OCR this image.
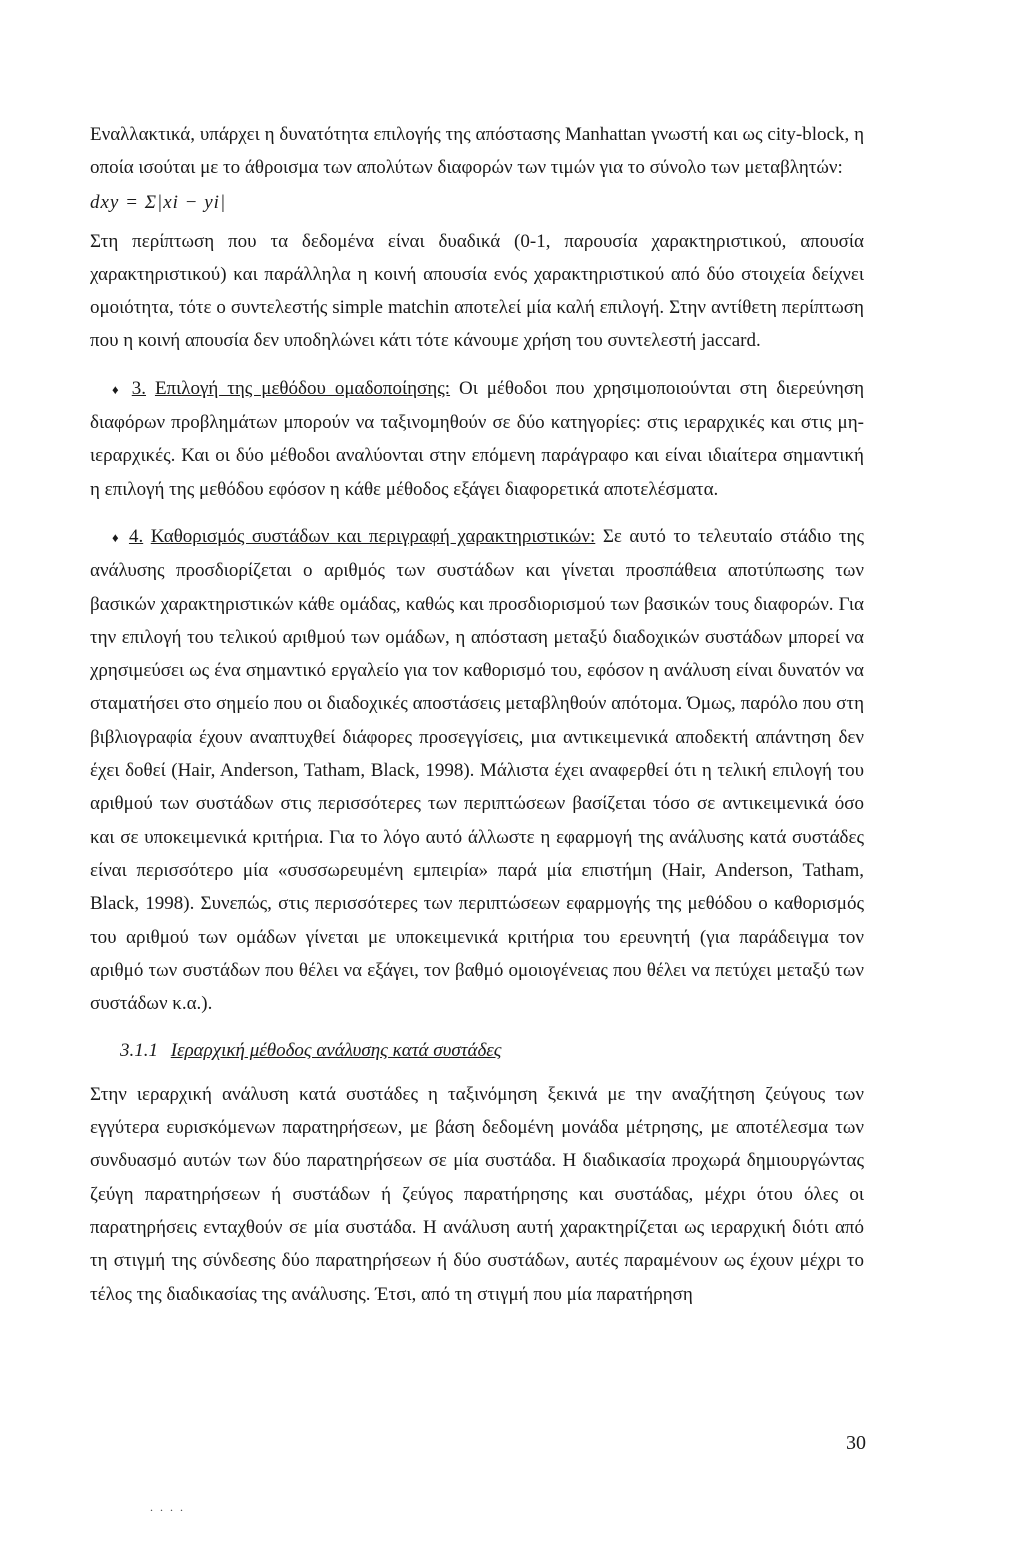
Εναλλακτικά, υπάρχει η δυνατότητα επιλογής της απόστασης Manhattan γνωστή και ως city-block, η οποία ισούται με το άθροισμα των απολύτων διαφορών των τιμών για το σύνολο των μεταβλητών:

dxy = Σ|xi − yi|

Στη περίπτωση που τα δεδομένα είναι δυαδικά (0-1, παρουσία χαρακτηριστικού, απουσία χαρακτηριστικού) και παράλληλα η κοινή απουσία ενός χαρακτηριστικού από δύο στοιχεία δείχνει ομοιότητα, τότε ο συντελεστής simple matchin αποτελεί μία καλή επιλογή. Στην αντίθετη περίπτωση που η κοινή απουσία δεν υποδηλώνει κάτι τότε κάνουμε χρήση του συντελεστή jaccard.

♦ 3. Επιλογή της μεθόδου ομαδοποίησης: Οι μέθοδοι που χρησιμοποιούνται στη διερεύνηση διαφόρων προβλημάτων μπορούν να ταξινομηθούν σε δύο κατηγορίες: στις ιεραρχικές και στις μη-ιεραρχικές. Και οι δύο μέθοδοι αναλύονται στην επόμενη παράγραφο και είναι ιδιαίτερα σημαντική η επιλογή της μεθόδου εφόσον η κάθε μέθοδος εξάγει διαφορετικά αποτελέσματα.

♦ 4. Καθορισμός συστάδων και περιγραφή χαρακτηριστικών: Σε αυτό το τελευταίο στάδιο της ανάλυσης προσδιορίζεται ο αριθμός των συστάδων και γίνεται προσπάθεια αποτύπωσης των βασικών χαρακτηριστικών κάθε ομάδας, καθώς και προσδιορισμού των βασικών τους διαφορών. Για την επιλογή του τελικού αριθμού των ομάδων, η απόσταση μεταξύ διαδοχικών συστάδων μπορεί να χρησιμεύσει ως ένα σημαντικό εργαλείο για τον καθορισμό του, εφόσον η ανάλυση είναι δυνατόν να σταματήσει στο σημείο που οι διαδοχικές αποστάσεις μεταβληθούν απότομα. Όμως, παρόλο που στη βιβλιογραφία έχουν αναπτυχθεί διάφορες προσεγγίσεις, μια αντικειμενικά αποδεκτή απάντηση δεν έχει δοθεί (Hair, Anderson, Tatham, Black, 1998). Μάλιστα έχει αναφερθεί ότι η τελική επιλογή του αριθμού των συστάδων στις περισσότερες των περιπτώσεων βασίζεται τόσο σε αντικειμενικά όσο και σε υποκειμενικά κριτήρια. Για το λόγο αυτό άλλωστε η εφαρμογή της ανάλυσης κατά συστάδες είναι περισσότερο μία «συσσωρευμένη εμπειρία» παρά μία επιστήμη (Hair, Anderson, Tatham, Black, 1998). Συνεπώς, στις περισσότερες των περιπτώσεων εφαρμογής της μεθόδου ο καθορισμός του αριθμού των ομάδων γίνεται με υποκειμενικά κριτήρια του ερευνητή (για παράδειγμα τον αριθμό των συστάδων που θέλει να εξάγει, τον βαθμό ομοιογένειας που θέλει να πετύχει μεταξύ των συστάδων κ.α.).

3.1.1 Ιεραρχική μέθοδος ανάλυσης κατά συστάδες

Στην ιεραρχική ανάλυση κατά συστάδες η ταξινόμηση ξεκινά με την αναζήτηση ζεύγους των εγγύτερα ευρισκόμενων παρατηρήσεων, με βάση δεδομένη μονάδα μέτρησης, με αποτέλεσμα των συνδυασμό αυτών των δύο παρατηρήσεων σε μία συστάδα. Η διαδικασία προχωρά δημιουργώντας ζεύγη παρατηρήσεων ή συστάδων ή ζεύγος παρατήρησης και συστάδας, μέχρι ότου όλες οι παρατηρήσεις ενταχθούν σε μία συστάδα. Η ανάλυση αυτή χαρακτηρίζεται ως ιεραρχική διότι από τη στιγμή της σύνδεσης δύο παρατηρήσεων ή δύο συστάδων, αυτές παραμένουν ως έχουν μέχρι το τέλος της διαδικασίας της ανάλυσης. Έτσι, από τη στιγμή που μία παρατήρηση

30
. . . .
